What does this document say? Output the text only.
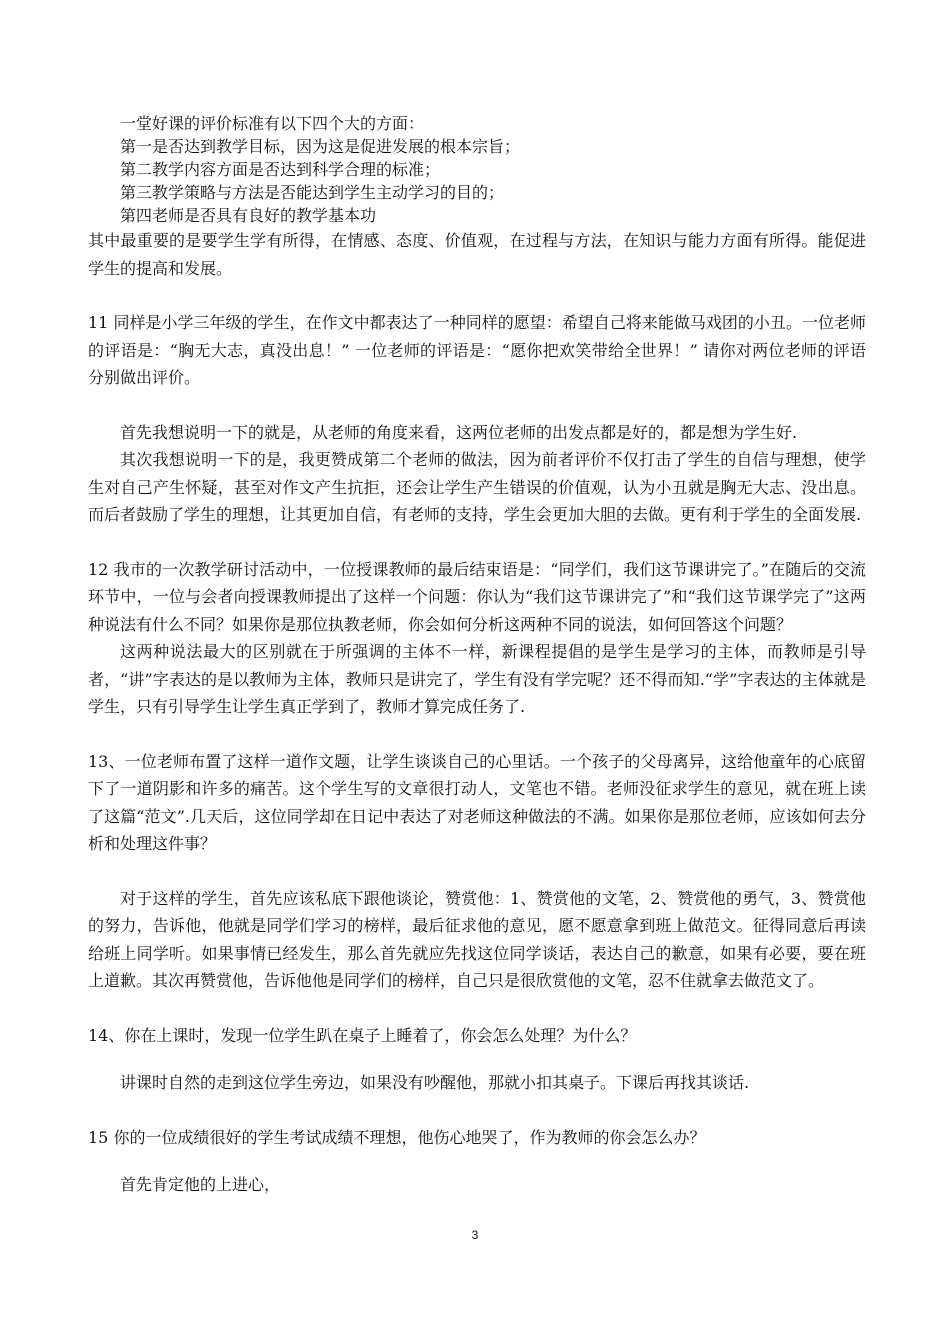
一堂好课的评价标准有以下四个大的方面：
第一是否达到教学目标，因为这是促进发展的根本宗旨；
第二教学内容方面是否达到科学合理的标准；
第三教学策略与方法是否能达到学生主动学习的目的；
第四老师是否具有良好的教学基本功

其中最重要的是要学生学有所得，在情感、态度、价值观，在过程与方法，在知识与能力方面有所得。能促进学生的提高和发展。

11 同样是小学三年级的学生，在作文中都表达了一种同样的愿望：希望自己将来能做马戏团的小丑。一位老师的评语是：“胸无大志，真没出息！” 一位老师的评语是：“愿你把欢笑带给全世界！” 请你对两位老师的评语分别做出评价。

首先我想说明一下的就是，从老师的角度来看，这两位老师的出发点都是好的，都是想为学生好.

其次我想说明一下的是，我更赞成第二个老师的做法，因为前者评价不仅打击了学生的自信与理想，使学生对自己产生怀疑，甚至对作文产生抗拒，还会让学生产生错误的价值观，认为小丑就是胸无大志、没出息。而后者鼓励了学生的理想，让其更加自信，有老师的支持，学生会更加大胆的去做。更有利于学生的全面发展.

12 我市的一次教学研讨活动中，一位授课教师的最后结束语是：“同学们，我们这节课讲完了。”在随后的交流环节中，一位与会者向授课教师提出了这样一个问题：你认为“我们这节课讲完了”和“我们这节课学完了”这两种说法有什么不同？如果你是那位执教老师，你会如何分析这两种不同的说法，如何回答这个问题？

这两种说法最大的区别就在于所强调的主体不一样，新课程提倡的是学生是学习的主体，而教师是引导者，“讲”字表达的是以教师为主体，教师只是讲完了，学生有没有学完呢？还不得而知.“学”字表达的主体就是学生，只有引导学生让学生真正学到了，教师才算完成任务了.

13、一位老师布置了这样一道作文题，让学生谈谈自己的心里话。一个孩子的父母离异，这给他童年的心底留下了一道阴影和许多的痛苦。这个学生写的文章很打动人，文笔也不错。老师没征求学生的意见，就在班上读了这篇“范文”.几天后，这位同学却在日记中表达了对老师这种做法的不满。如果你是那位老师，应该如何去分析和处理这件事？

对于这样的学生，首先应该私底下跟他谈论，赞赏他：1、赞赏他的文笔，2、赞赏他的勇气，3、赞赏他的努力，告诉他，他就是同学们学习的榜样，最后征求他的意见，愿不愿意拿到班上做范文。征得同意后再读给班上同学听。如果事情已经发生，那么首先就应先找这位同学谈话，表达自己的歉意，如果有必要，要在班上道歉。其次再赞赏他，告诉他他是同学们的榜样，自己只是很欣赏他的文笔，忍不住就拿去做范文了。

14、你在上课时，发现一位学生趴在桌子上睡着了，你会怎么处理？为什么？

讲课时自然的走到这位学生旁边，如果没有吵醒他，那就小扣其桌子。下课后再找其谈话.

15 你的一位成绩很好的学生考试成绩不理想，他伤心地哭了，作为教师的你会怎么办？

首先肯定他的上进心，

3
